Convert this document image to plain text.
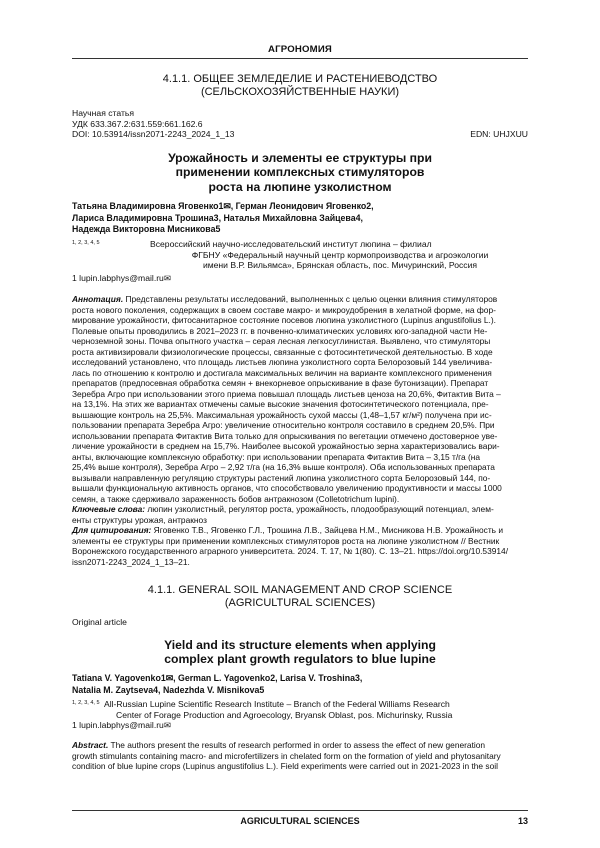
АГРОНОМИЯ
4.1.1. ОБЩЕЕ ЗЕМЛЕДЕЛИЕ И РАСТЕНИЕВОДСТВО
(СЕЛЬСКОХОЗЯЙСТВЕННЫЕ НАУКИ)
Научная статья
УДК 633.367.2:631.559:661.162.6
DOI: 10.53914/issn2071-2243_2024_1_13	EDN: UHJXUU
Урожайность и элементы ее структуры при
применении комплексных стимуляторов
роста на люпине узколистном
Татьяна Владимировна Яговенко1✉, Герман Леонидович Яговенко2,
Лариса Владимировна Трошина3, Наталья Михайловна Зайцева4,
Надежда Викторовна Мисникова5
$^{1, 2, 3, 4, 5}$	Всероссийский научно-исследовательский институт люпина – филиал
ФГБНУ «Федеральный научный центр кормопроизводства и агроэкологии
имени В.Р. Вильямса», Брянская область, пос. Мичуринский, Россия
1 lupin.labphys@mail.ru✉
Аннотация. Представлены результаты исследований, выполненных с целью оценки влияния стимуляторов
роста нового поколения, содержащих в своем составе макро- и микроудобрения в хелатной форме, на фор-
мирование урожайности, фитосанитарное состояние посевов люпина узколистного (Lupinus angustifolius L.).
Полевые опыты проводились в 2021–2023 гг. в почвенно-климатических условиях юго-западной части Не-
черноземной зоны. Почва опытного участка – серая лесная легкосуглинистая. Выявлено, что стимуляторы
роста активизировали физиологические процессы, связанные с фотосинтетической деятельностью. В ходе
исследований установлено, что площадь листьев люпина узколистного сорта Белорозовый 144 увеличива-
лась по отношению к контролю и достигала максимальных величин на варианте комплексного применения
препаратов (предпосевная обработка семян + внекорневое опрыскивание в фазе бутонизации). Препарат
Зеребра Агро при использовании этого приема повышал площадь листьев ценоза на 20,6%, Фитактив Вита –
на 13,1%. На этих же вариантах отмечены самые высокие значения фотосинтетического потенциала, пре-
вышающие контроль на 25,5%. Максимальная урожайность сухой массы (1,48–1,57 кг/м²) получена при ис-
пользовании препарата Зеребра Агро: увеличение относительно контроля составило в среднем 20,5%. При
использовании препарата Фитактив Вита только для опрыскивания по вегетации отмечено достоверное уве-
личение урожайности в среднем на 15,7%. Наиболее высокой урожайностью зерна характеризовались вари-
анты, включающие комплексную обработку: при использовании препарата Фитактив Вита – 3,15 т/га (на
25,4% выше контроля), Зеребра Агро – 2,92 т/га (на 16,3% выше контроля). Оба использованных препарата
вызывали направленную регуляцию структуры растений люпина узколистного сорта Белорозовый 144, по-
вышали функциональную активность органов, что способствовало увеличению продуктивности и массы 1000
семян, а также сдерживало зараженность бобов антракнозом (Colletotrichum lupini).
Ключевые слова: люпин узколистный, регулятор роста, урожайность, плодообразующий потенциал, элем-
енты структуры урожая, антракноз
Для цитирования: Яговенко Т.В., Яговенко Г.Л., Трошина Л.В., Зайцева Н.М., Мисникова Н.В. Урожайность и
элементы ее структуры при применении комплексных стимуляторов роста на люпине узколистном // Вестник
Воронежского государственного аграрного университета. 2024. Т. 17, № 1(80). С. 13–21. https://doi.org/10.53914/
issn2071-2243_2024_1_13–21.
4.1.1. GENERAL SOIL MANAGEMENT AND CROP SCIENCE
(AGRICULTURAL SCIENCES)
Original article
Yield and its structure elements when applying
complex plant growth regulators to blue lupine
Tatiana V. Yagovenko1✉, German L. Yagovenko2, Larisa V. Troshina3,
Natalia M. Zaytseva4, Nadezhda V. Misnikova5
$^{1, 2, 3, 4, 5}$ All-Russian Lupine Scientific Research Institute – Branch of the Federal Williams Research
Center of Forage Production and Agroecology, Bryansk Oblast, pos. Michurinsky, Russia
1 lupin.labphys@mail.ru✉
Abstract. The authors present the results of research performed in order to assess the effect of new generation
growth stimulants containing macro- and microfertilizers in chelated form on the formation of yield and phytosanitary
condition of blue lupine crops (Lupinus angustifolius L.). Field experiments were carried out in 2021-2023 in the soil
AGRICULTURAL SCIENCES	13
